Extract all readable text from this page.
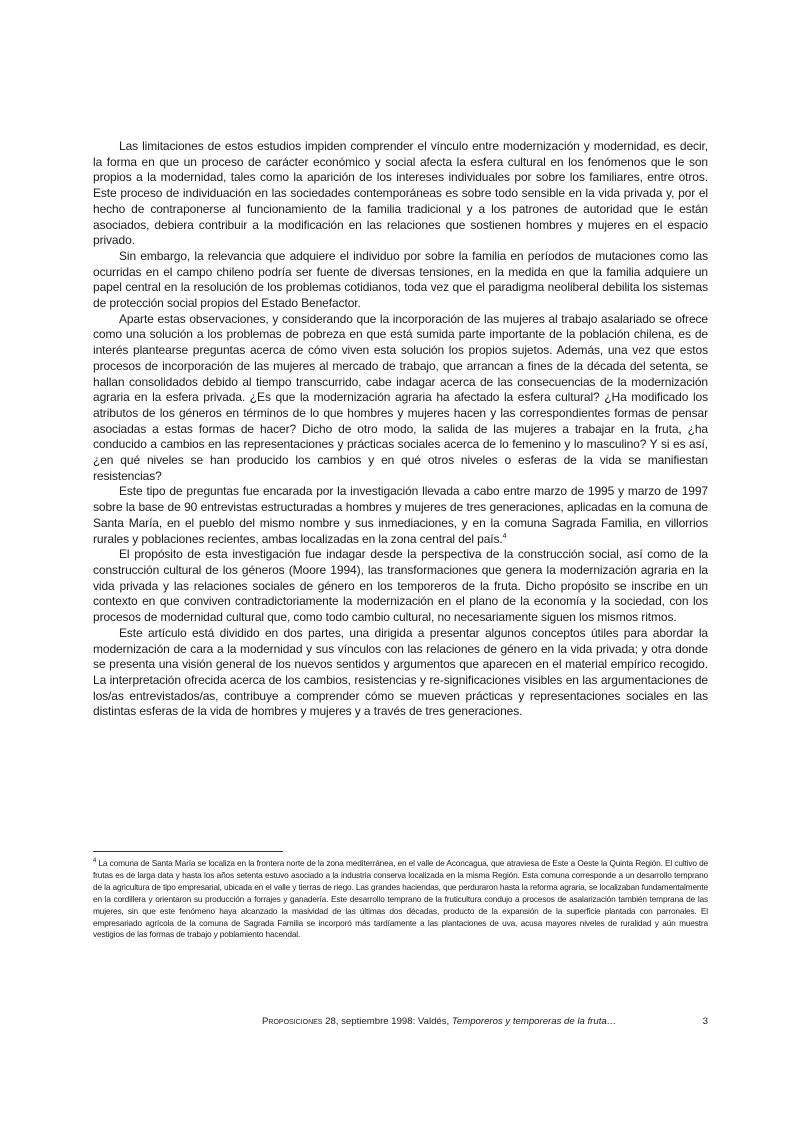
Las limitaciones de estos estudios impiden comprender el vínculo entre modernización y modernidad, es decir, la forma en que un proceso de carácter económico y social afecta la esfera cultural en los fenómenos que le son propios a la modernidad, tales como la aparición de los intereses individuales por sobre los familiares, entre otros. Este proceso de individuación en las sociedades contemporáneas es sobre todo sensible en la vida privada y, por el hecho de contraponerse al funcionamiento de la familia tradicional y a los patrones de autoridad que le están asociados, debiera contribuir a la modificación en las relaciones que sostienen hombres y mujeres en el espacio privado.

Sin embargo, la relevancia que adquiere el individuo por sobre la familia en períodos de mutaciones como las ocurridas en el campo chileno podría ser fuente de diversas tensiones, en la medida en que la familia adquiere un papel central en la resolución de los problemas cotidianos, toda vez que el paradigma neoliberal debilita los sistemas de protección social propios del Estado Benefactor.

Aparte estas observaciones, y considerando que la incorporación de las mujeres al trabajo asalariado se ofrece como una solución a los problemas de pobreza en que está sumida parte importante de la población chilena, es de interés plantearse preguntas acerca de cómo viven esta solución los propios sujetos. Además, una vez que estos procesos de incorporación de las mujeres al mercado de trabajo, que arrancan a fines de la década del setenta, se hallan consolidados debido al tiempo transcurrido, cabe indagar acerca de las consecuencias de la modernización agraria en la esfera privada. ¿Es que la modernización agraria ha afectado la esfera cultural? ¿Ha modificado los atributos de los géneros en términos de lo que hombres y mujeres hacen y las correspondientes formas de pensar asociadas a estas formas de hacer? Dicho de otro modo, la salida de las mujeres a trabajar en la fruta, ¿ha conducido a cambios en las representaciones y prácticas sociales acerca de lo femenino y lo masculino? Y si es así, ¿en qué niveles se han producido los cambios y en qué otros niveles o esferas de la vida se manifiestan resistencias?

Este tipo de preguntas fue encarada por la investigación llevada a cabo entre marzo de 1995 y marzo de 1997 sobre la base de 90 entrevistas estructuradas a hombres y mujeres de tres generaciones, aplicadas en la comuna de Santa María, en el pueblo del mismo nombre y sus inmediaciones, y en la comuna Sagrada Familia, en villorrios rurales y poblaciones recientes, ambas localizadas en la zona central del país.$^4$

El propósito de esta investigación fue indagar desde la perspectiva de la construcción social, así como de la construcción cultural de los géneros (Moore 1994), las transformaciones que genera la modernización agraria en la vida privada y las relaciones sociales de género en los temporeros de la fruta. Dicho propósito se inscribe en un contexto en que conviven contradictoriamente la modernización en el plano de la economía y la sociedad, con los procesos de modernidad cultural que, como todo cambio cultural, no necesariamente siguen los mismos ritmos.

Este artículo está dividido en dos partes, una dirigida a presentar algunos conceptos útiles para abordar la modernización de cara a la modernidad y sus vínculos con las relaciones de género en la vida privada; y otra donde se presenta una visión general de los nuevos sentidos y argumentos que aparecen en el material empírico recogido. La interpretación ofrecida acerca de los cambios, resistencias y re-significaciones visibles en las argumentaciones de los/as entrevistados/as, contribuye a comprender cómo se mueven prácticas y representaciones sociales en las distintas esferas de la vida de hombres y mujeres y a través de tres generaciones.

$^4$ La comuna de Santa María se localiza en la frontera norte de la zona mediterránea, en el valle de Aconcagua, que atraviesa de Este a Oeste la Quinta Región. El cultivo de frutas es de larga data y hasta los años setenta estuvo asociado a la industria conserva localizada en la misma Región. Esta comuna corresponde a un desarrollo temprano de la agricultura de tipo empresarial, ubicada en el valle y tierras de riego. Las grandes haciendas, que perduraron hasta la reforma agraria, se localizaban fundamentalmente en la cordillera y orientaron su producción a forrajes y ganadería. Este desarrollo temprano de la fruticultura condujo a procesos de asalarización también temprana de las mujeres, sin que este fenómeno haya alcanzado la masividad de las últimas dos décadas, producto de la expansión de la superficie plantada con parronales. El empresariado agrícola de la comuna de Sagrada Familia se incorporó más tardíamente a las plantaciones de uva, acusa mayores niveles de ruralidad y aún muestra vestigios de las formas de trabajo y poblamiento hacendal.
Proposiciones 28, septiembre 1998: Valdés, Temporeros y temporeras de la fruta…	3
